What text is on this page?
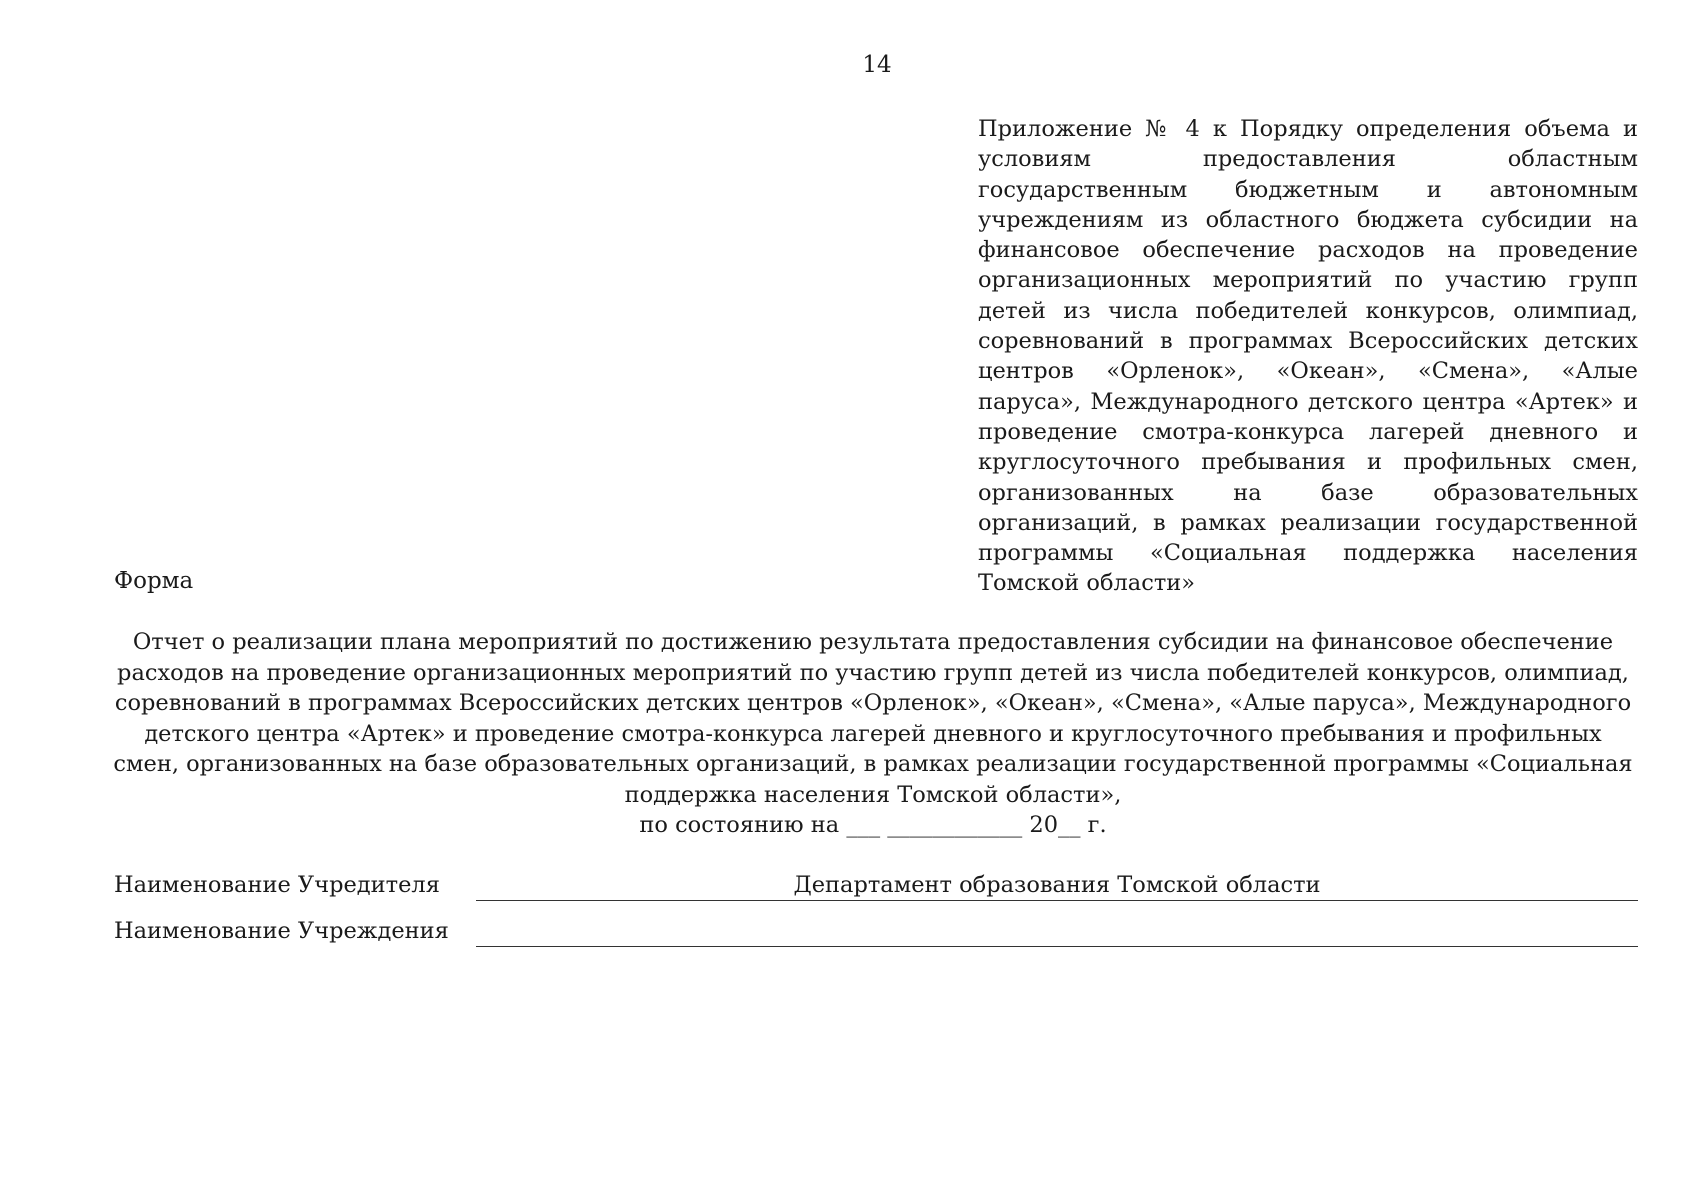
14
Приложение № 4 к Порядку определения объема и условиям предоставления областным государственным бюджетным и автономным учреждениям из областного бюджета субсидии на финансовое обеспечение расходов на проведение организационных мероприятий по участию групп детей из числа победителей конкурсов, олимпиад, соревнований в программах Всероссийских детских центров «Орленок», «Океан», «Смена», «Алые паруса», Международного детского центра «Артек» и проведение смотра-конкурса лагерей дневного и круглосуточного пребывания и профильных смен, организованных на базе образовательных организаций, в рамках реализации государственной программы «Социальная поддержка населения Томской области»
Форма
Отчет о реализации плана мероприятий по достижению результата предоставления субсидии на финансовое обеспечение расходов на проведение организационных мероприятий по участию групп детей из числа победителей конкурсов, олимпиад, соревнований в программах Всероссийских детских центров «Орленок», «Океан», «Смена», «Алые паруса», Международного детского центра «Артек» и проведение смотра-конкурса лагерей дневного и круглосуточного пребывания и профильных смен, организованных на базе образовательных организаций, в рамках реализации государственной программы «Социальная поддержка населения Томской области»,
по состоянию на ___ ____________ 20__ г.
Наименование Учредителя	Департамент образования Томской области
Наименование Учреждения
